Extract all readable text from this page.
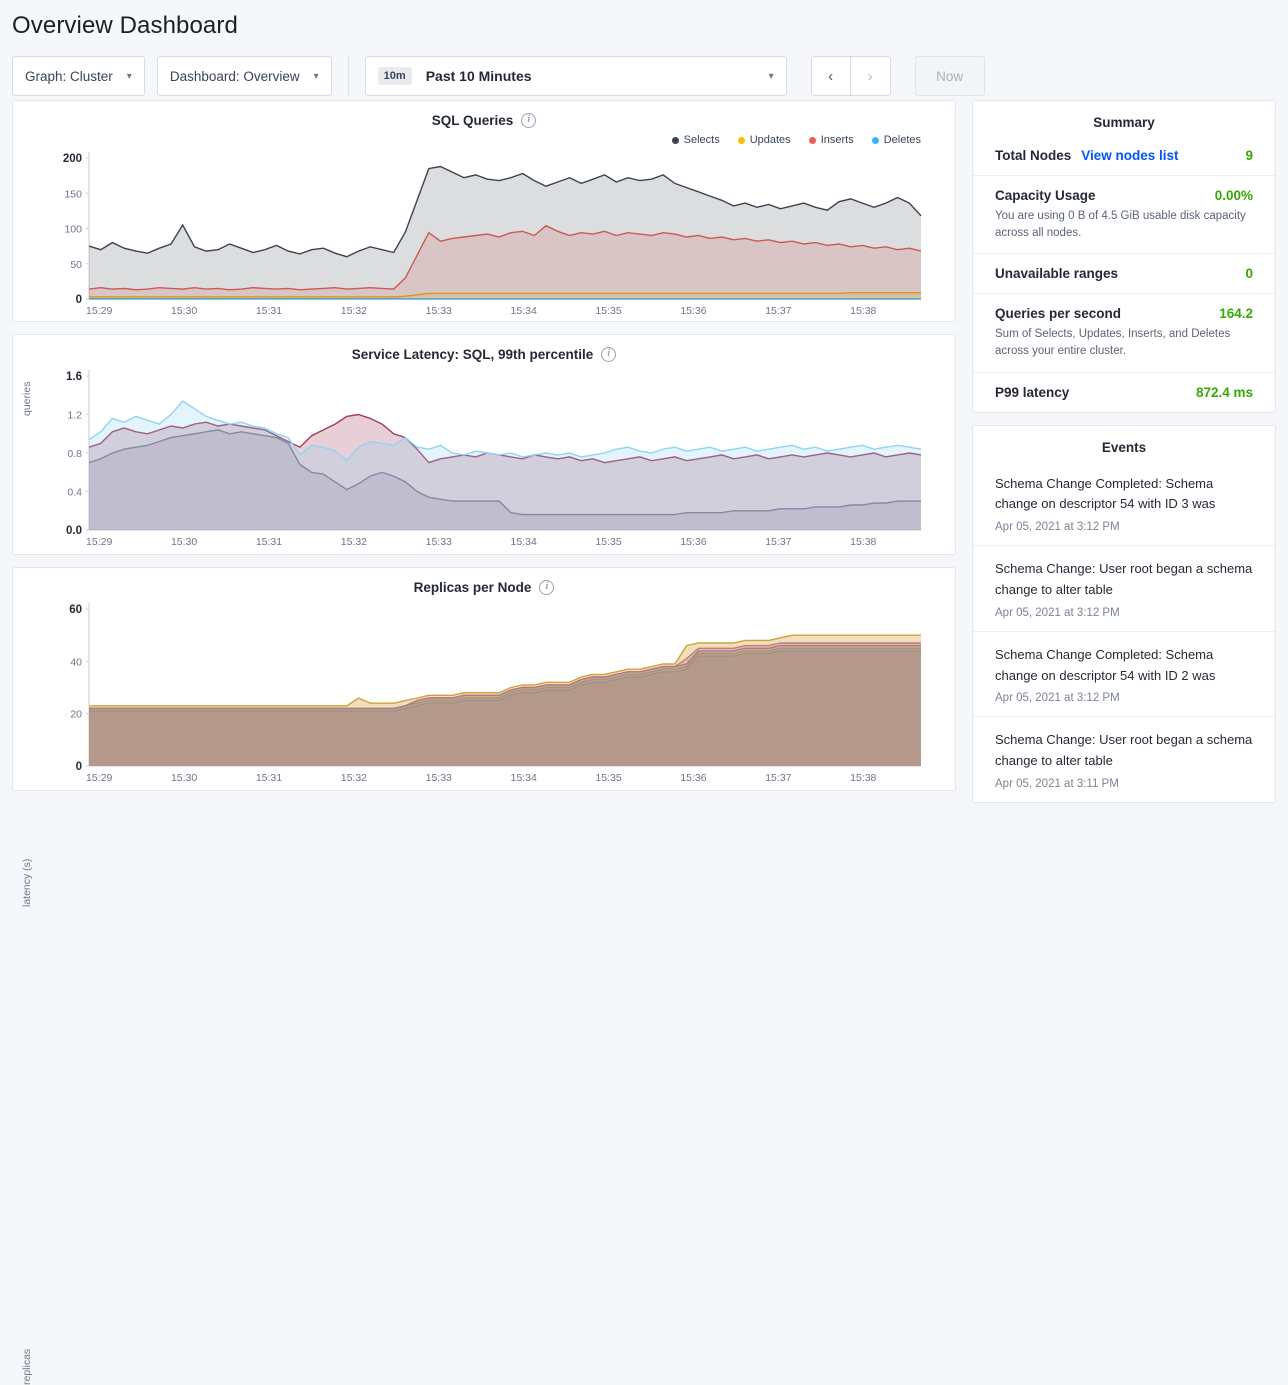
Overview Dashboard
Graph: Cluster ▾	Dashboard: Overview ▾	10m	Past 10 Minutes	▾	‹	›	Now
SQL Queries	i
Selects	Updates	Inserts	Deletes
queries
0
50
100
150
200
15:29	15:30	15:31	15:32	15:33	15:34	15:35	15:36	15:37	15:38
Service Latency: SQL, 99th percentile	i
latency (s)
0.0
0.4
0.8
1.2
1.6
15:29	15:30	15:31	15:32	15:33	15:34	15:35	15:36	15:37	15:38
Replicas per Node	i
replicas
0
20
40
60
15:29	15:30	15:31	15:32	15:33	15:34	15:35	15:36	15:37	15:38
Summary
Total Nodes View nodes list	9
Capacity Usage	0.00%
You are using 0 B of 4.5 GiB usable disk capacity across all nodes.
Unavailable ranges	0
Queries per second	164.2
Sum of Selects, Updates, Inserts, and Deletes across your entire cluster.
P99 latency	872.4 ms
Events
Schema Change Completed: Schema change on descriptor 54 with ID 3 was
Apr 05, 2021 at 3:12 PM
Schema Change: User root began a schema change to alter table
Apr 05, 2021 at 3:12 PM
Schema Change Completed: Schema change on descriptor 54 with ID 2 was
Apr 05, 2021 at 3:12 PM
Schema Change: User root began a schema change to alter table
Apr 05, 2021 at 3:11 PM
